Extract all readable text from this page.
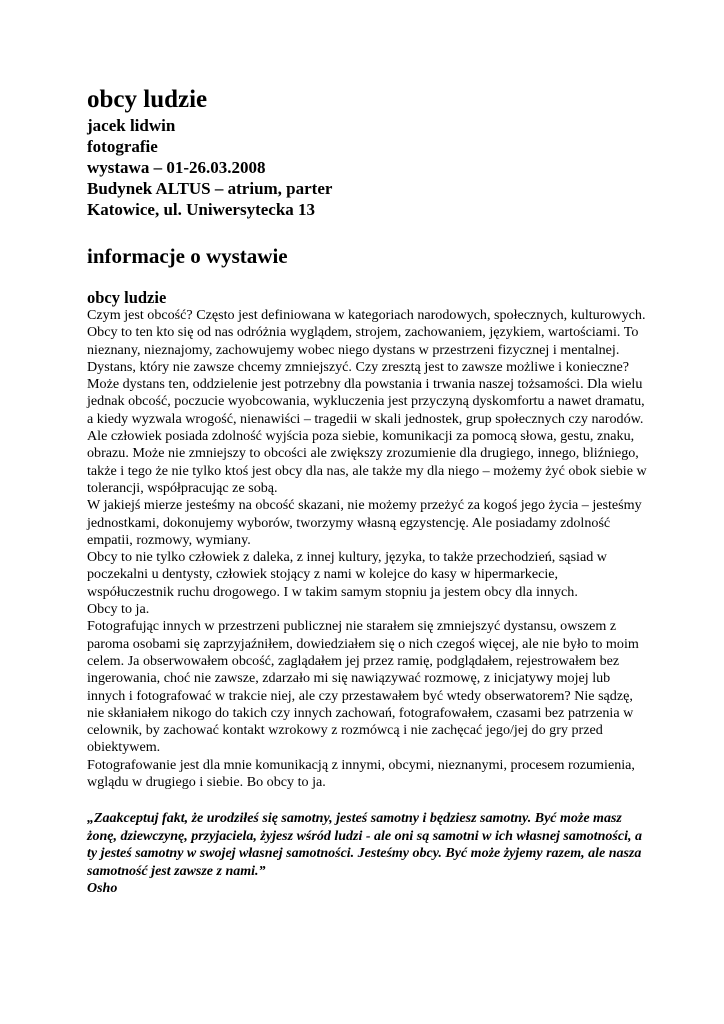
obcy ludzie

jacek lidwin

fotografie

wystawa – 01-26.03.2008

Budynek ALTUS – atrium, parter

Katowice, ul. Uniwersytecka 13

informacje o wystawie
obcy ludzie
Czym jest obcość? Często jest definiowana w kategoriach narodowych, społecznych, kulturowych. Obcy to ten kto się od nas odróżnia wyglądem, strojem, zachowaniem, językiem, wartościami. To nieznany, nieznajomy, zachowujemy wobec niego dystans w przestrzeni fizycznej i mentalnej. Dystans, który nie zawsze chcemy zmniejszyć. Czy zresztą jest to zawsze możliwe i konieczne? Może dystans ten, oddzielenie jest potrzebny dla powstania i trwania naszej tożsamości. Dla wielu jednak obcość, poczucie wyobcowania, wykluczenia jest przyczyną dyskomfortu a nawet dramatu, a kiedy wyzwala wrogość, nienawiści – tragedii w skali jednostek, grup społecznych czy narodów.
Ale człowiek posiada zdolność wyjścia poza siebie, komunikacji za pomocą słowa, gestu, znaku, obrazu. Może nie zmniejszy to obcości ale zwiększy zrozumienie dla drugiego, innego, bliźniego, także i tego że nie tylko ktoś jest obcy dla nas, ale także my dla niego – możemy żyć obok siebie w tolerancji, współpracując ze sobą.
W jakiejś mierze jesteśmy na obcość skazani, nie możemy przeżyć za kogoś jego życia – jesteśmy jednostkami, dokonujemy wyborów, tworzymy własną egzystencję. Ale posiadamy zdolność empatii, rozmowy, wymiany.
Obcy to nie tylko człowiek z daleka, z innej kultury, języka, to także przechodzień, sąsiad w poczekalni u dentysty, człowiek stojący z nami w kolejce do kasy w hipermarkecie, współuczestnik ruchu drogowego. I w takim samym stopniu ja jestem obcy dla innych.
Obcy to ja.
Fotografując innych w przestrzeni publicznej nie starałem się zmniejszyć dystansu, owszem z paroma osobami się zaprzyjaźniłem, dowiedziałem się o nich czegoś więcej, ale nie było to moim celem. Ja obserwowałem obcość, zaglądałem jej przez ramię, podglądałem, rejestrowałem bez ingerowania, choć nie zawsze, zdarzało mi się nawiązywać rozmowę, z inicjatywy mojej lub innych i fotografować w trakcie niej, ale czy przestawałem być wtedy obserwatorem? Nie sądzę, nie skłaniałem nikogo do takich czy innych zachowań, fotografowałem, czasami bez patrzenia w celownik, by zachować kontakt wzrokowy z rozmówcą i nie zachęcać jego/jej do gry przed obiektywem.
Fotografowanie jest dla mnie komunikacją z innymi, obcymi, nieznanymi, procesem rozumienia, wglądu w drugiego i siebie. Bo obcy to ja.
„Zaakceptuj fakt, że urodziłeś się samotny, jesteś samotny i będziesz samotny. Być może masz żonę, dziewczynę, przyjaciela, żyjesz wśród ludzi - ale oni są samotni w ich własnej samotności, a ty jesteś samotny w swojej własnej samotności. Jesteśmy obcy. Być może żyjemy razem, ale nasza samotność jest zawsze z nami.”
Osho
